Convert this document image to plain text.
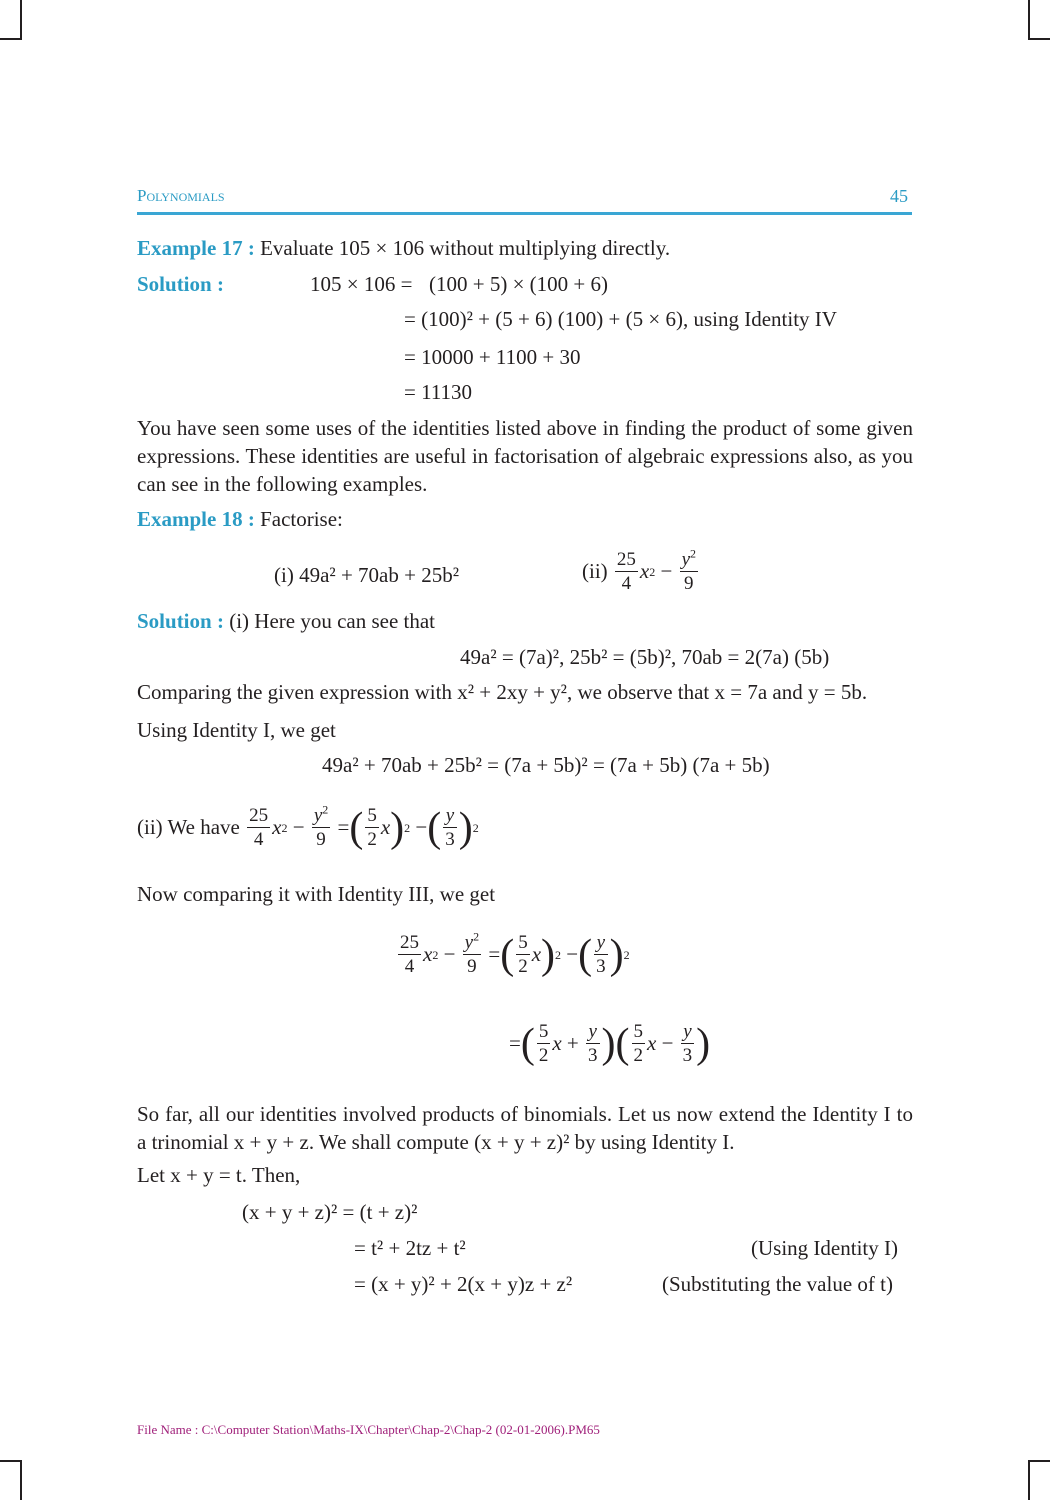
Polynomials	45
Example 17 : Evaluate 105 × 106 without multiplying directly.
Solution :	105 × 106 = (100 + 5) × (100 + 6)
= (100)² + (5 + 6) (100) + (5 × 6), using Identity IV
= 10000 + 1100 + 30
= 11130
You have seen some uses of the identities listed above in finding the product of some given expressions. These identities are useful in factorisation of algebraic expressions also, as you can see in the following examples.
Example 18 : Factorise:
(i) 49a² + 70ab + 25b²	(ii)
$\frac{25}{4}$ x $2 - \frac{y^2}{9}$
Solution : (i) Here you can see that
49a² = (7a)², 25b² = (5b)², 70ab = 2(7a) (5b)
Comparing the given expression with x² + 2xy + y², we observe that x = 7a and y = 5b.
Using Identity I, we get
49a² + 70ab + 25b² = (7a + 5b)² = (7a + 5b) (7a + 5b)
(ii) We have
$\frac{25}{4}$ x $2 - \frac{y^2}{9}$ = ( $\frac{5}{2}$ x ) 2 − ( $\frac{y}{3}$ ) 2
Now comparing it with Identity III, we get
$\frac{25}{4}$ x $2 - \frac{y^2}{9}$ = ( $\frac{5}{2}$ x ) 2 − ( $\frac{y}{3}$ ) 2
= ( $\frac{5}{2}$ $x + \frac{y}{3}$ )( $\frac{5}{2}$ $x - \frac{y}{3}$ )
So far, all our identities involved products of binomials. Let us now extend the Identity I to a trinomial x + y + z. We shall compute (x + y + z)² by using Identity I.
Let x + y = t. Then,
(x + y + z)² = (t + z)²
= t² + 2tz + t²	(Using Identity I)
= (x + y)² + 2(x + y)z + z²	(Substituting the value of t)
File Name : C:\Computer Station\Maths-IX\Chapter\Chap-2\Chap-2 (02-01-2006).PM65
